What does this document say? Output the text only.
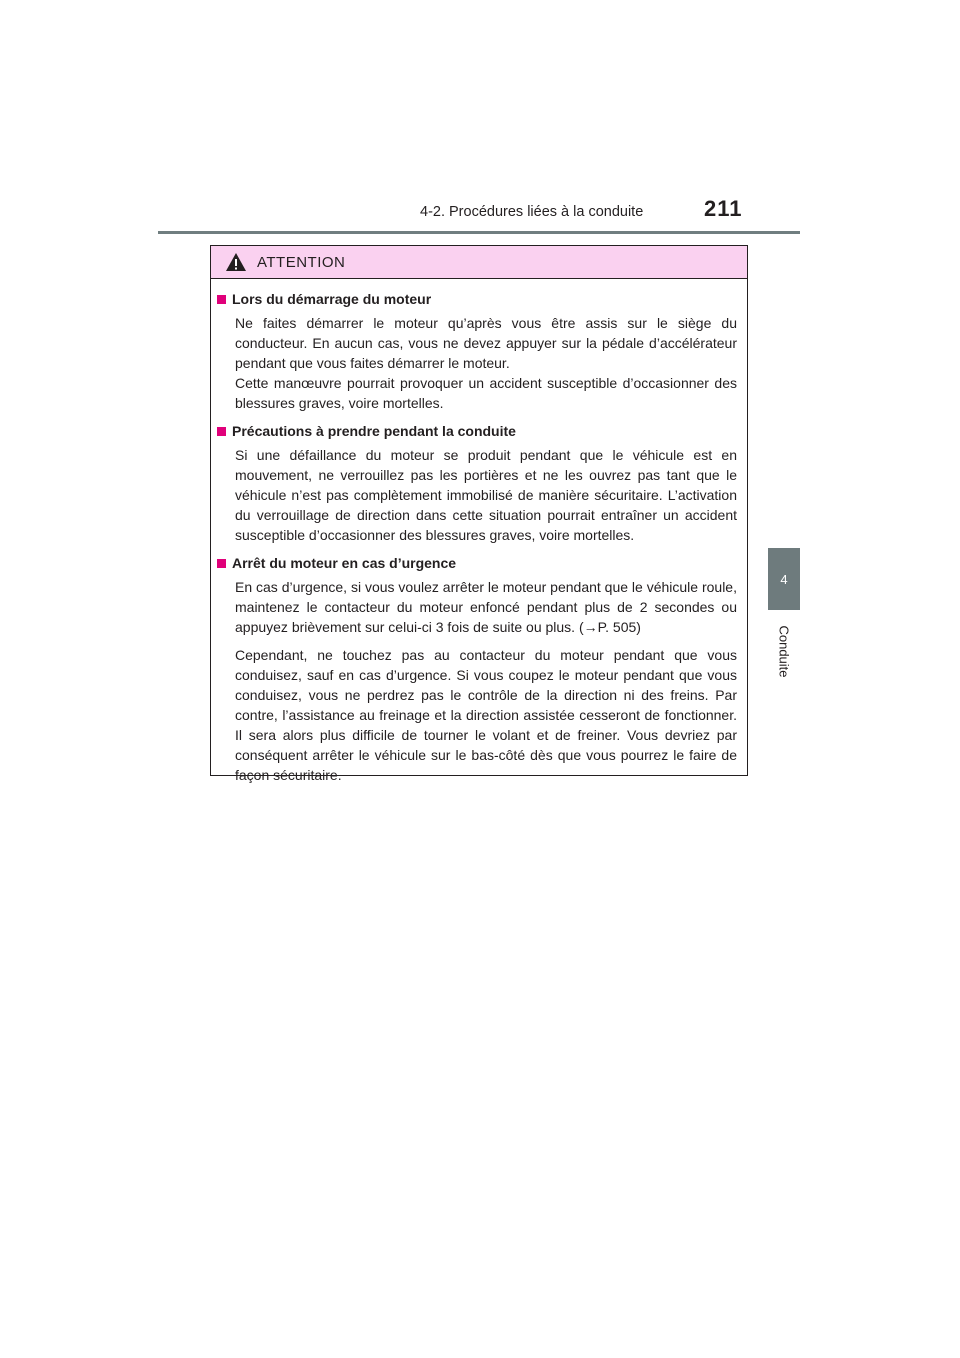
4-2. Procédures liées à la conduite	211
4
Conduite
ATTENTION
Lors du démarrage du moteur
Ne faites démarrer le moteur qu’après vous être assis sur le siège du conducteur. En aucun cas, vous ne devez appuyer sur la pédale d’accélérateur pendant que vous faites démarrer le moteur.
Cette manœuvre pourrait provoquer un accident susceptible d’occasionner des blessures graves, voire mortelles.
Précautions à prendre pendant la conduite
Si une défaillance du moteur se produit pendant que le véhicule est en mouvement, ne verrouillez pas les portières et ne les ouvrez pas tant que le véhicule n’est pas complètement immobilisé de manière sécuritaire. L’activation du verrouillage de direction dans cette situation pourrait entraîner un accident susceptible d’occasionner des blessures graves, voire mortelles.
Arrêt du moteur en cas d’urgence
En cas d’urgence, si vous voulez arrêter le moteur pendant que le véhicule roule, maintenez le contacteur du moteur enfoncé pendant plus de 2 secondes ou appuyez brièvement sur celui-ci 3 fois de suite ou plus. (→P. 505)
Cependant, ne touchez pas au contacteur du moteur pendant que vous conduisez, sauf en cas d’urgence. Si vous coupez le moteur pendant que vous conduisez, vous ne perdrez pas le contrôle de la direction ni des freins. Par contre, l’assistance au freinage et la direction assistée cesseront de fonctionner. Il sera alors plus difficile de tourner le volant et de freiner. Vous devriez par conséquent arrêter le véhicule sur le bas-côté dès que vous pourrez le faire de façon sécuritaire.
